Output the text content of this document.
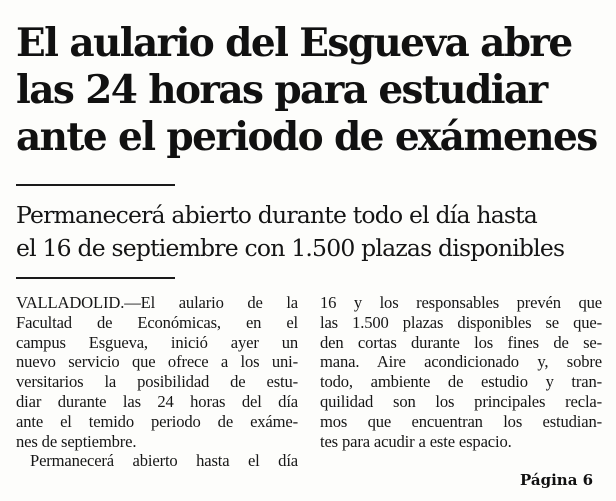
El aulario del Esgueva abre
las 24 horas para estudiar
ante el periodo de exámenes
Permanecerá abierto durante todo el día hasta
el 16 de septiembre con 1.500 plazas disponibles
VALLADOLID.—El aulario de la
Facultad de Económicas, en el
campus Esgueva, inició ayer un
nuevo servicio que ofrece a los uni-
versitarios la posibilidad de estu-
diar durante las 24 horas del día
ante el temido periodo de exáme-
nes de septiembre.
Permanecerá abierto hasta el día
16 y los responsables prevén que
las 1.500 plazas disponibles se que-
den cortas durante los fines de se-
mana. Aire acondicionado y, sobre
todo, ambiente de estudio y tran-
quilidad son los principales recla-
mos que encuentran los estudian-
tes para acudir a este espacio.
Página 6
